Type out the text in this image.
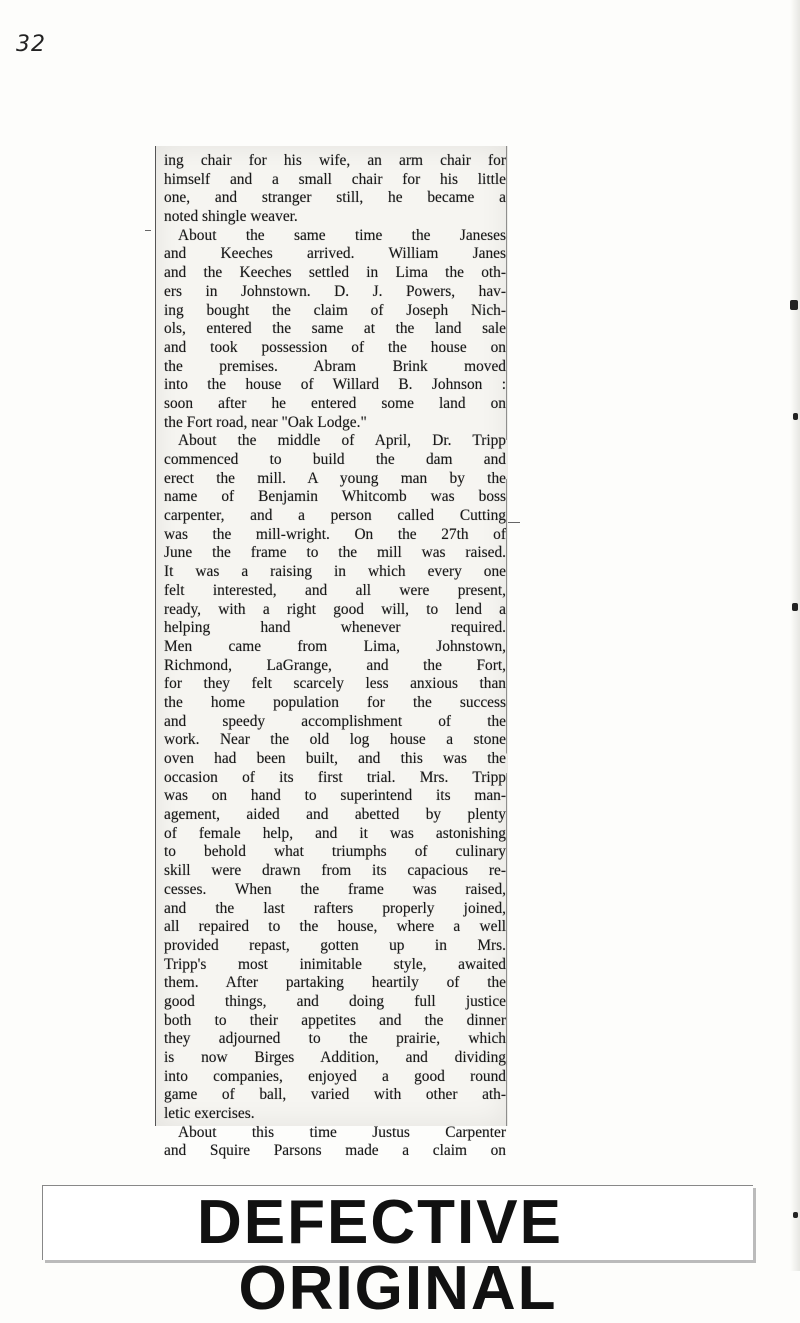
32
ing chair for his wife, an arm chair for
himself and a small chair for his little
one, and stranger still, he became a
noted shingle weaver.
About the same time the Janeses
and Keeches arrived. William Janes
and the Keeches settled in Lima the oth-
ers in Johnstown. D. J. Powers, hav-
ing bought the claim of Joseph Nich-
ols, entered the same at the land sale
and took possession of the house on
the premises. Abram Brink moved
into the house of Willard B. Johnson :
soon after he entered some land on
the Fort road, near "Oak Lodge."
About the middle of April, Dr. Tripp
commenced to build the dam and
erect the mill. A young man by the
name of Benjamin Whitcomb was boss
carpenter, and a person called Cutting
was the mill-wright. On the 27th of
June the frame to the mill was raised.
It was a raising in which every one
felt interested, and all were present,
ready, with a right good will, to lend a
helping hand whenever required.
Men came from Lima, Johnstown,
Richmond, LaGrange, and the Fort,
for they felt scarcely less anxious than
the home population for the success
and speedy accomplishment of the
work. Near the old log house a stone
oven had been built, and this was the
occasion of its first trial. Mrs. Tripp
was on hand to superintend its man-
agement, aided and abetted by plenty
of female help, and it was astonishing
to behold what triumphs of culinary
skill were drawn from its capacious re-
cesses. When the frame was raised,
and the last rafters properly joined,
all repaired to the house, where a well
provided repast, gotten up in Mrs.
Tripp's most inimitable style, awaited
them. After partaking heartily of the
good things, and doing full justice
both to their appetites and the dinner
they adjourned to the prairie, which
is now Birges Addition, and dividing
into companies, enjoyed a good round
game of ball, varied with other ath-
letic exercises.
About this time Justus Carpenter
and Squire Parsons made a claim on
DEFECTIVEORIGINAL
